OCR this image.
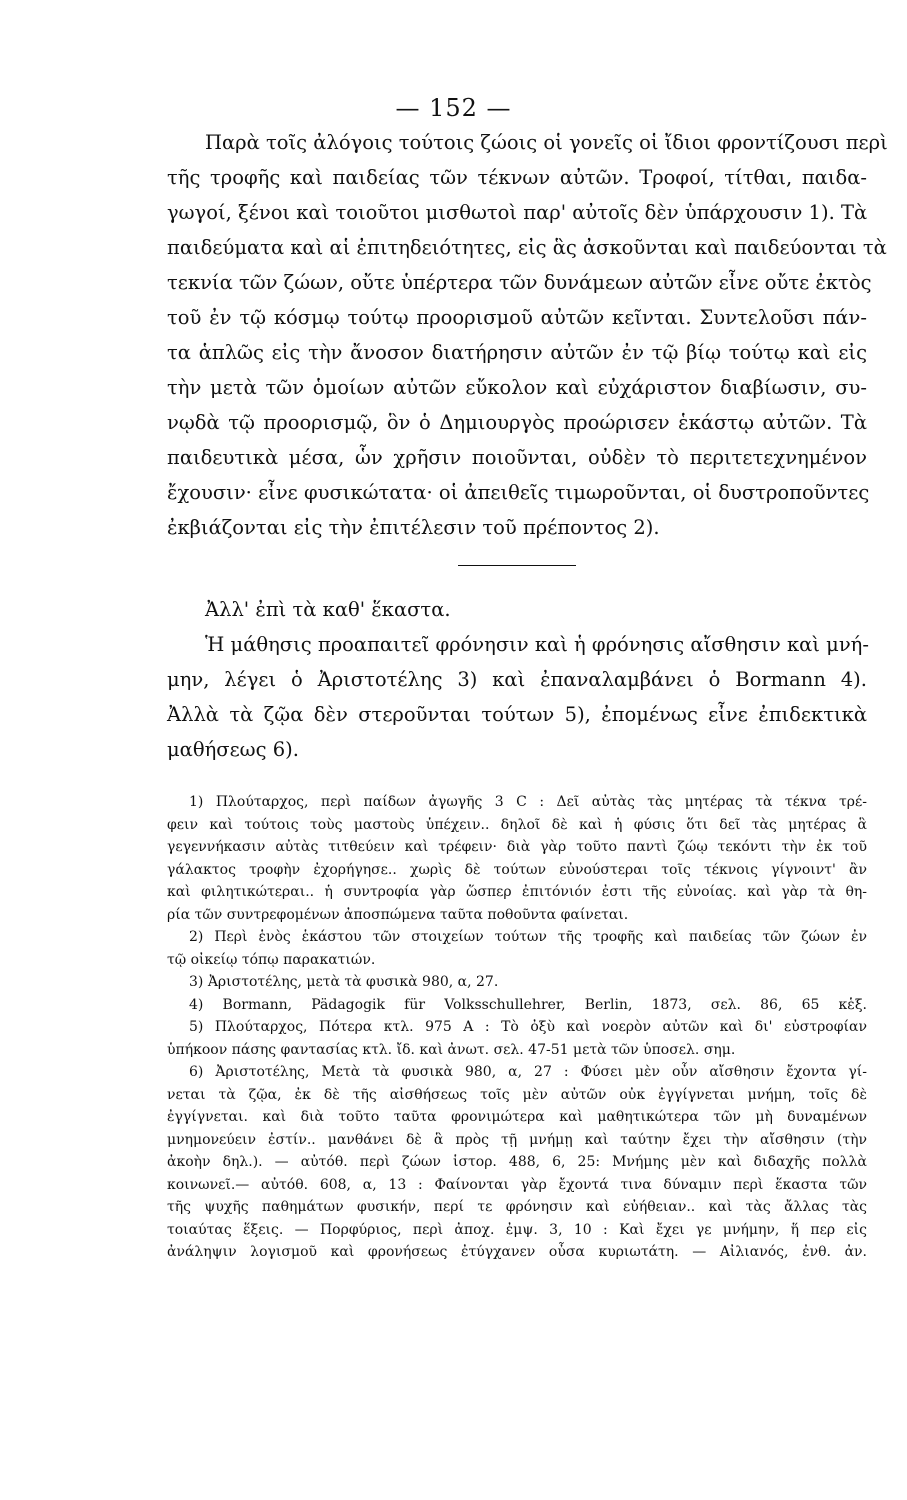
— 152 —
Παρὰ τοῖς ἀλόγοις τούτοις ζώοις οἱ γονεῖς οἱ ἴδιοι φροντίζουσι περὶ
τῆς τροφῆς καὶ παιδείας τῶν τέκνων αὐτῶν. Τροφοί, τίτθαι, παιδα-
γωγοί, ξένοι καὶ τοιοῦτοι μισθωτοὶ παρ' αὐτοῖς δὲν ὑπάρχουσιν 1). Τὰ
παιδεύματα καὶ αἱ ἐπιτηδειότητες, εἰς ἃς ἀσκοῦνται καὶ παιδεύονται τὰ
τεκνία τῶν ζώων, οὔτε ὑπέρτερα τῶν δυνάμεων αὐτῶν εἶνε οὔτε ἐκτὸς
τοῦ ἐν τῷ κόσμῳ τούτῳ προορισμοῦ αὐτῶν κεῖνται. Συντελοῦσι πάν-
τα ἁπλῶς εἰς τὴν ἄνοσον διατήρησιν αὐτῶν ἐν τῷ βίῳ τούτῳ καὶ εἰς
τὴν μετὰ τῶν ὁμοίων αὐτῶν εὔκολον καὶ εὐχάριστον διαβίωσιν, συ-
νῳδὰ τῷ προορισμῷ, ὃν ὁ Δημιουργὸς προώρισεν ἑκάστῳ αὐτῶν. Τὰ
παιδευτικὰ μέσα, ὧν χρῆσιν ποιοῦνται, οὐδὲν τὸ περιτετεχνημένον
ἔχουσιν· εἶνε φυσικώτατα· οἱ ἀπειθεῖς τιμωροῦνται, οἱ δυστροποῦντες
ἐκβιάζονται εἰς τὴν ἐπιτέλεσιν τοῦ πρέποντος 2).
Ἀλλ' ἐπὶ τὰ καθ' ἕκαστα.
Ἡ μάθησις προαπαιτεῖ φρόνησιν καὶ ἡ φρόνησις αἴσθησιν καὶ μνή-
μην, λέγει ὁ Ἀριστοτέλης 3) καὶ ἐπαναλαμβάνει ὁ Bormann 4).
Ἀλλὰ τὰ ζῷα δὲν στεροῦνται τούτων 5), ἐπομένως εἶνε ἐπιδεκτικὰ
μαθήσεως 6).
1) Πλούταρχος, περὶ παίδων ἀγωγῆς 3 C : Δεῖ αὐτὰς τὰς μητέρας τὰ τέκνα τρέ-
φειν καὶ τούτοις τοὺς μαστοὺς ὑπέχειν.. δηλοῖ δὲ καὶ ἡ φύσις ὅτι δεῖ τὰς μητέρας ἃ
γεγεννήκασιν αὐτὰς τιτθεύειν καὶ τρέφειν· διὰ γὰρ τοῦτο παντὶ ζώῳ τεκόντι τὴν ἐκ τοῦ
γάλακτος τροφὴν ἐχορήγησε.. χωρὶς δὲ τούτων εὐνούστεραι τοῖς τέκνοις γίγνοιντ' ἂν
καὶ φιλητικώτεραι.. ἡ συντροφία γὰρ ὥσπερ ἐπιτόνιόν ἐστι τῆς εὐνοίας. καὶ γὰρ τὰ θη-
ρία τῶν συντρεφομένων ἀποσπώμενα ταῦτα ποθοῦντα φαίνεται.
2) Περὶ ἑνὸς ἑκάστου τῶν στοιχείων τούτων τῆς τροφῆς καὶ παιδείας τῶν ζώων ἐν
τῷ οἰκείῳ τόπῳ παρακατιών.
3) Ἀριστοτέλης, μετὰ τὰ φυσικὰ 980, α, 27.
4) Bormann, Pädagogik für Volksschullehrer, Berlin, 1873, σελ. 86, 65 κἑξ.
5) Πλούταρχος, Πότερα κτλ. 975 Α : Τὸ ὀξὺ καὶ νοερὸν αὐτῶν καὶ δι' εὐστροφίαν
ὑπήκοον πάσης φαντασίας κτλ. ἴδ. καὶ ἀνωτ. σελ. 47-51 μετὰ τῶν ὑποσελ. σημ.
6) Ἀριστοτέλης, Μετὰ τὰ φυσικὰ 980, α, 27 : Φύσει μὲν οὖν αἴσθησιν ἔχοντα γί-
νεται τὰ ζῷα, ἐκ δὲ τῆς αἰσθήσεως τοῖς μὲν αὐτῶν οὐκ ἐγγίγνεται μνήμη, τοῖς δὲ
ἐγγίγνεται. καὶ διὰ τοῦτο ταῦτα φρονιμώτερα καὶ μαθητικώτερα τῶν μὴ δυναμένων
μνημονεύειν ἐστίν.. μανθάνει δὲ ἃ πρὸς τῇ μνήμῃ καὶ ταύτην ἔχει τὴν αἴσθησιν (τὴν
ἀκοὴν δηλ.). — αὐτόθ. περὶ ζώων ἱστορ. 488, 6, 25: Μνήμης μὲν καὶ διδαχῆς πολλὰ
κοινωνεῖ.— αὐτόθ. 608, α, 13 : Φαίνονται γὰρ ἔχοντά τινα δύναμιν περὶ ἕκαστα τῶν
τῆς ψυχῆς παθημάτων φυσικήν, περί τε φρόνησιν καὶ εὐήθειαν.. καὶ τὰς ἄλλας τὰς
τοιαύτας ἕξεις. — Πορφύριος, περὶ ἀποχ. ἐμψ. 3, 10 : Καὶ ἔχει γε μνήμην, ἥ περ εἰς
ἀνάληψιν λογισμοῦ καὶ φρονήσεως ἐτύγχανεν οὖσα κυριωτάτη. — Αἰλιανός, ἐνθ. ἀν.
